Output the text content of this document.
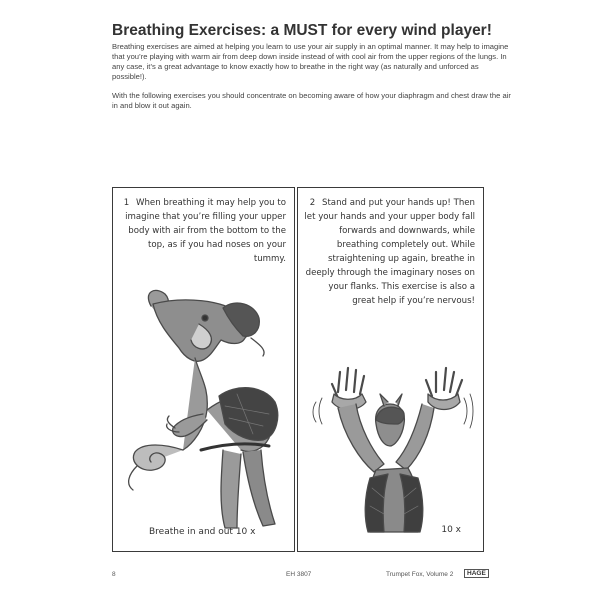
Breathing Exercises: a MUST for every wind player!

Breathing exercises are aimed at helping you learn to use your air supply in an optimal manner. It may help to imagine that you’re playing with warm air from deep down inside instead of with cool air from the upper regions of the lungs. In any case, it’s a great advantage to know exactly how to breathe in the right way (as naturally and unforced as possible!).

With the following exercises you should concentrate on becoming aware of how your diaphragm and chest draw the air in and blow it out again.

1 When breathing it may help you to imagine that you’re filling your upper body with air from the bottom to the top, as if you had noses on your tummy.
Breathe in and out 10 x
2 Stand and put your hands up! Then let your hands and your upper body fall forwards and downwards, while breathing completely out. While straightening up again, breathe in deeply through the imaginary noses on your flanks. This exercise is also a great help if you’re nervous!
10 x
8	EH 3807	Trumpet Fox, Volume 2	HAGE
